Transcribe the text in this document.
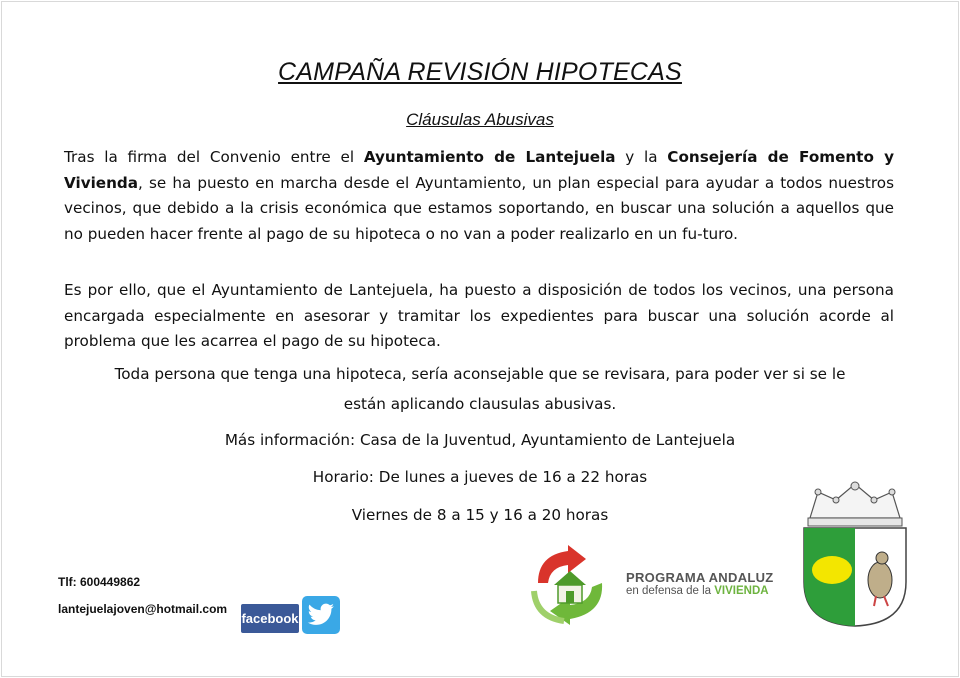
CAMPAÑA REVISIÓN HIPOTECAS
Cláusulas Abusivas
Tras la firma del Convenio entre el Ayuntamiento de Lantejuela y la Consejería de Fomento y Vivienda, se ha puesto en marcha desde el Ayuntamiento, un plan especial para ayudar a todos nuestros vecinos, que debido a la crisis económica que estamos soportando, en buscar una solución a aquellos que no pueden hacer frente al pago de su hipoteca o no van a poder realizarlo en un fu-turo.
Es por ello, que el Ayuntamiento de Lantejuela, ha puesto a disposición de todos los vecinos, una persona encargada especialmente en asesorar y tramitar los expedientes para buscar una solución acorde al problema que les acarrea el pago de su hipoteca.
Toda persona que tenga una hipoteca, sería aconsejable que se revisara, para poder ver si se le
están aplicando clausulas abusivas.
Más información: Casa de la Juventud, Ayuntamiento de Lantejuela
Horario: De lunes a jueves de 16 a 22 horas
Viernes de 8 a 15 y 16 a 20 horas
Tlf: 600449862
lantejuelajoven@hotmail.com
facebook
PROGRAMA ANDALUZ
en defensa de la VIVIENDA
